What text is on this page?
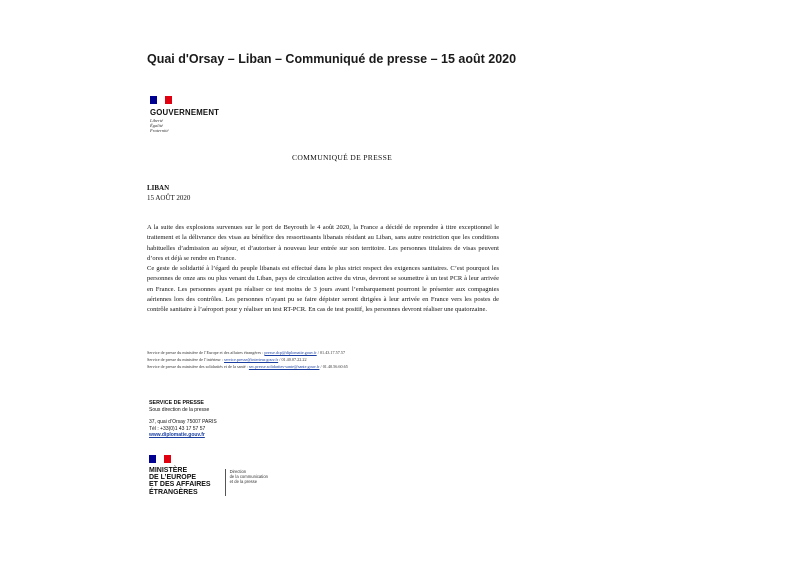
Quai d'Orsay – Liban – Communiqué de presse – 15 août 2020
GOUVERNEMENT
Liberté
Égalité
Fraternité
COMMUNIQUÉ DE PRESSE
LIBAN
15 AOÛT 2020

A la suite des explosions survenues sur le port de Beyrouth le 4 août 2020, la France a décidé de reprendre à titre exceptionnel le traitement et la délivrance des visas au bénéfice des ressortissants libanais résidant au Liban, sans autre restriction que les conditions habituelles d’admission au séjour, et d’autoriser à nouveau leur entrée sur son territoire. Les personnes titulaires de visas peuvent d’ores et déjà se rendre en France.

Ce geste de solidarité à l’égard du peuple libanais est effectué dans le plus strict respect des exigences sanitaires. C’est pourquoi les personnes de onze ans ou plus venant du Liban, pays de circulation active du virus, devront se soumettre à un test PCR à leur arrivée en France. Les personnes ayant pu réaliser ce test moins de 3 jours avant l’embarquement pourront le présenter aux compagnies aériennes lors des contrôles. Les personnes n’ayant pu se faire dépister seront dirigées à leur arrivée en France vers les postes de contrôle sanitaire à l’aéroport pour y réaliser un test RT-PCR. En cas de test positif, les personnes devront réaliser une quatorzaine.

Service de presse du ministère de l’Europe et des affaires étrangères : presse.dcp@diplomatie.gouv.fr / 01.43.17.57.57
Service de presse du ministère de l’intérieur : service.presse@interieur.gouv.fr / 01.40.07.22.22
Service de presse du ministère des solidarités et de la santé : sec.presse.solidarites-sante@sante.gouv.fr / 01.40.56.60.65
SERVICE DE PRESSE
Sous direction de la presse
37, quai d’Orsay 75007 PARIS
Tél : +33(0)1 43 17 57 57
www.diplomatie.gouv.fr
MINISTÈRE
DE L’EUROPE
ET DES AFFAIRES
ÉTRANGÈRES
Direction
de la communication
et de la presse
